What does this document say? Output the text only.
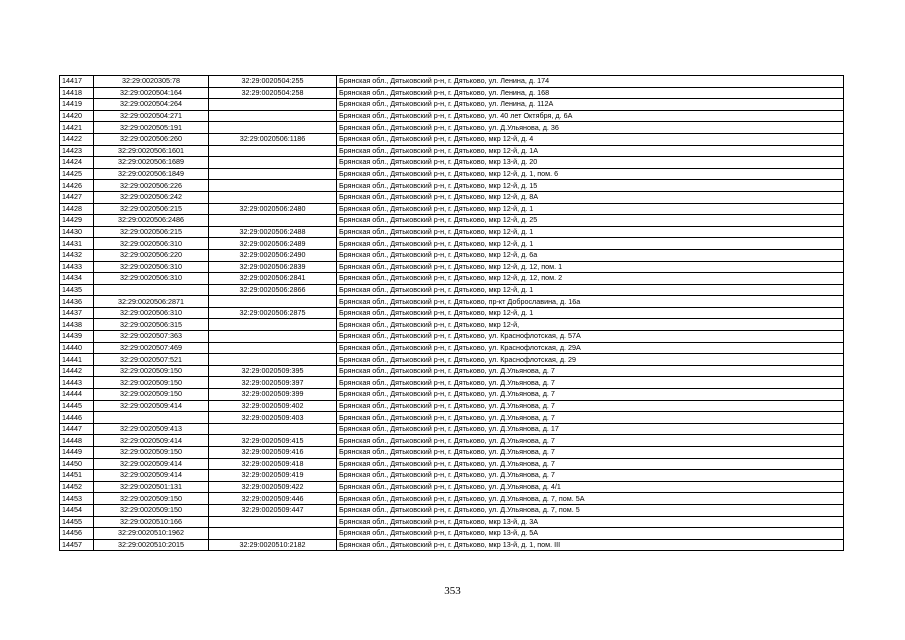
14417	32:29:0020305:78	32:29:0020504:255	Брянская обл., Дятьковский р-н, г. Дятьково, ул. Ленина, д. 174
14418	32:29:0020504:164	32:29:0020504:258	Брянская обл., Дятьковский р-н, г. Дятьково, ул. Ленина, д. 168
14419	32:29:0020504:264		Брянская обл., Дятьковский р-н, г. Дятьково, ул. Ленина, д. 112А
14420	32:29:0020504:271		Брянская обл., Дятьковский р-н, г. Дятьково, ул. 40 лет Октября, д. 6А
14421	32:29:0020505:191		Брянская обл., Дятьковский р-н, г. Дятьково, ул. Д.Ульянова, д. 36
14422	32:29:0020506:260	32:29:0020506:1186	Брянская обл., Дятьковский р-н, г. Дятьково, мкр 12-й, д. 4
14423	32:29:0020506:1601		Брянская обл., Дятьковский р-н, г. Дятьково, мкр 12-й, д. 1А
14424	32:29:0020506:1689		Брянская обл., Дятьковский р-н, г. Дятьково, мкр 13-й, д. 20
14425	32:29:0020506:1849		Брянская обл., Дятьковский р-н, г. Дятьково, мкр 12-й, д. 1, пом. 6
14426	32:29:0020506:226		Брянская обл., Дятьковский р-н, г. Дятьково, мкр 12-й, д. 15
14427	32:29:0020506:242		Брянская обл., Дятьковский р-н, г. Дятьково, мкр 12-й, д. 8А
14428	32:29:0020506:215	32:29:0020506:2480	Брянская обл., Дятьковский р-н, г. Дятьково, мкр 12-й, д. 1
14429	32:29:0020506:2486		Брянская обл., Дятьковский р-н, г. Дятьково, мкр 12-й, д. 25
14430	32:29:0020506:215	32:29:0020506:2488	Брянская обл., Дятьковский р-н, г. Дятьково, мкр 12-й, д. 1
14431	32:29:0020506:310	32:29:0020506:2489	Брянская обл., Дятьковский р-н, г. Дятьково, мкр 12-й, д. 1
14432	32:29:0020506:220	32:29:0020506:2490	Брянская обл., Дятьковский р-н, г. Дятьково, мкр 12-й, д. 6а
14433	32:29:0020506:310	32:29:0020506:2839	Брянская обл., Дятьковский р-н, г. Дятьково, мкр 12-й, д. 12, пом. 1
14434	32:29:0020506:310	32:29:0020506:2841	Брянская обл., Дятьковский р-н, г. Дятьково, мкр 12-й, д. 12, пом. 2
14435		32:29:0020506:2866	Брянская обл., Дятьковский р-н, г. Дятьково, мкр 12-й, д. 1
14436	32:29:0020506:2871		Брянская обл., Дятьковский р-н, г. Дятьково, пр-кт Доброславина, д. 16а
14437	32:29:0020506:310	32:29:0020506:2875	Брянская обл., Дятьковский р-н, г. Дятьково, мкр 12-й, д. 1
14438	32:29:0020506:315		Брянская обл., Дятьковский р-н, г. Дятьково, мкр 12-й,
14439	32:29:0020507:363		Брянская обл., Дятьковский р-н, г. Дятьково, ул. Краснофлотская, д. 57А
14440	32:29:0020507:469		Брянская обл., Дятьковский р-н, г. Дятьково, ул. Краснофлотская, д. 29А
14441	32:29:0020507:521		Брянская обл., Дятьковский р-н, г. Дятьково, ул. Краснофлотская, д. 29
14442	32:29:0020509:150	32:29:0020509:395	Брянская обл., Дятьковский р-н, г. Дятьково, ул. Д.Ульянова, д. 7
14443	32:29:0020509:150	32:29:0020509:397	Брянская обл., Дятьковский р-н, г. Дятьково, ул. Д.Ульянова, д. 7
14444	32:29:0020509:150	32:29:0020509:399	Брянская обл., Дятьковский р-н, г. Дятьково, ул. Д.Ульянова, д. 7
14445	32:29:0020509:414	32:29:0020509:402	Брянская обл., Дятьковский р-н, г. Дятьково, ул. Д.Ульянова, д. 7
14446		32:29:0020509:403	Брянская обл., Дятьковский р-н, г. Дятьково, ул. Д.Ульянова, д. 7
14447	32:29:0020509:413		Брянская обл., Дятьковский р-н, г. Дятьково, ул. Д.Ульянова, д. 17
14448	32:29:0020509:414	32:29:0020509:415	Брянская обл., Дятьковский р-н, г. Дятьково, ул. Д.Ульянова, д. 7
14449	32:29:0020509:150	32:29:0020509:416	Брянская обл., Дятьковский р-н, г. Дятьково, ул. Д.Ульянова, д. 7
14450	32:29:0020509:414	32:29:0020509:418	Брянская обл., Дятьковский р-н, г. Дятьково, ул. Д.Ульянова, д. 7
14451	32:29:0020509:414	32:29:0020509:419	Брянская обл., Дятьковский р-н, г. Дятьково, ул. Д.Ульянова, д. 7
14452	32:29:0020501:131	32:29:0020509:422	Брянская обл., Дятьковский р-н, г. Дятьково, ул. Д.Ульянова, д. 4/1
14453	32:29:0020509:150	32:29:0020509:446	Брянская обл., Дятьковский р-н, г. Дятьково, ул. Д.Ульянова, д. 7, пом. 5А
14454	32:29:0020509:150	32:29:0020509:447	Брянская обл., Дятьковский р-н, г. Дятьково, ул. Д.Ульянова, д. 7, пом. 5
14455	32:29:0020510:166		Брянская обл., Дятьковский р-н, г. Дятьково, мкр 13-й, д. 3А
14456	32:29:0020510:1962		Брянская обл., Дятьковский р-н, г. Дятьково, мкр 13-й, д. 5А
14457	32:29:0020510:2015	32:29:0020510:2182	Брянская обл., Дятьковский р-н, г. Дятьково, мкр 13-й, д. 1, пом. III
353
